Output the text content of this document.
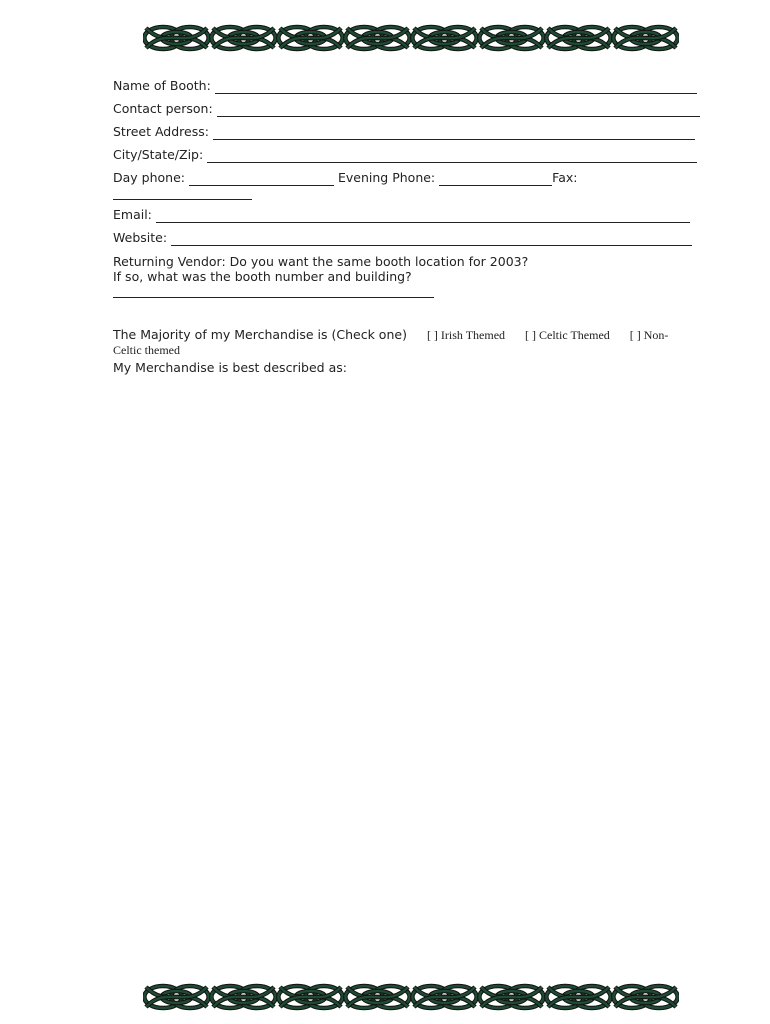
Name of Booth:
Contact person:
Street Address:
City/State/Zip:
Day phone:	Evening Phone:	Fax:
Email:
Website:
Returning Vendor: Do you want the same booth location for 2003?
If so, what was the booth number and building?
The Majority of my Merchandise is (Check one) [ ] Irish Themed [ ] Celtic Themed [ ] Non-
Celtic themed
My Merchandise is best described as:
